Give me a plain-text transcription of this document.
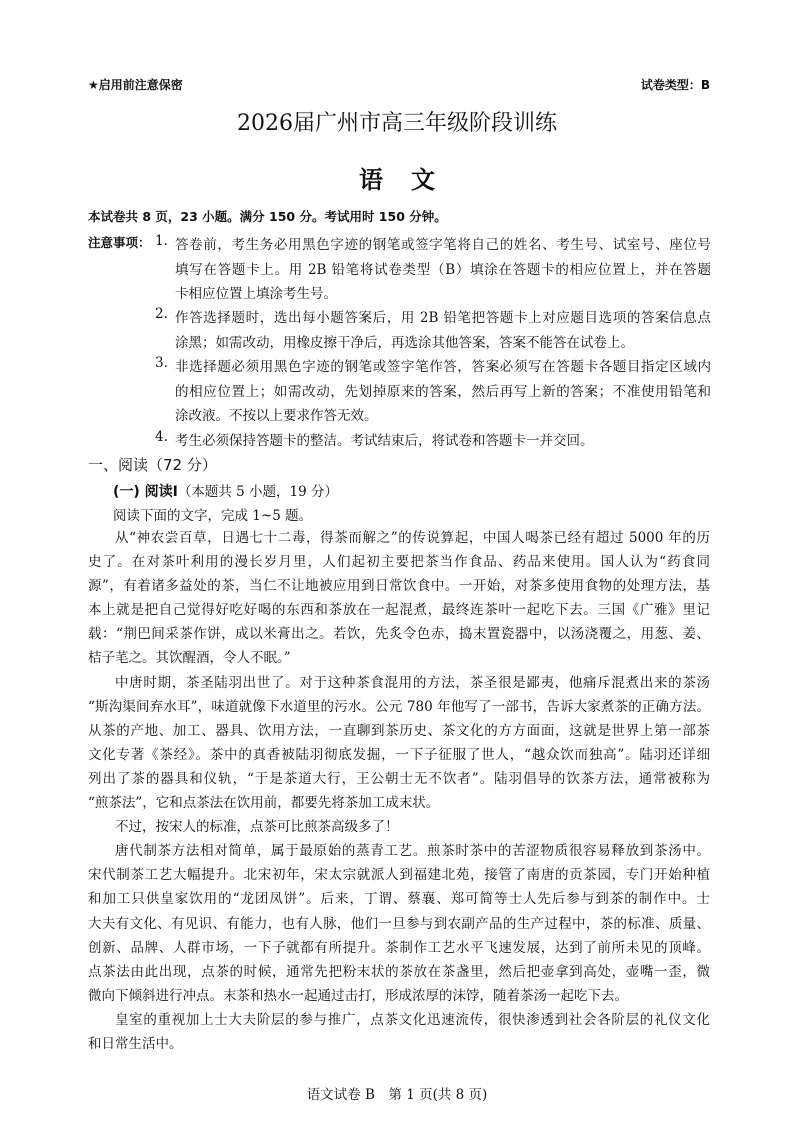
★启用前注意保密	试卷类型：B
2026届广州市高三年级阶段训练
语文
本试卷共 8 页，23 小题。满分 150 分。考试用时 150 分钟。
注意事项： 1. 答卷前，考生务必用黑色字迹的钢笔或签字笔将自己的姓名、考生号、试室号、座位号
填写在答题卡上。用 2B 铅笔将试卷类型（B）填涂在答题卡的相应位置上，并在答题
卡相应位置上填涂考生号。
2. 作答选择题时，选出每小题答案后，用 2B 铅笔把答题卡上对应题目选项的答案信息点
涂黑；如需改动，用橡皮擦干净后，再选涂其他答案，答案不能答在试卷上。
3. 非选择题必须用黑色字迹的钢笔或签字笔作答，答案必须写在答题卡各题目指定区域内
的相应位置上；如需改动，先划掉原来的答案，然后再写上新的答案；不准使用铅笔和
涂改液。不按以上要求作答无效。
4. 考生必须保持答题卡的整洁。考试结束后，将试卷和答题卡一并交回。
一、阅读（72 分）
(一) 阅读Ⅰ（本题共 5 小题，19 分）
阅读下面的文字，完成 1~5 题。
从“神农尝百草，日遇七十二毒，得茶而解之”的传说算起，中国人喝茶已经有超过 5000 年的历
史了。在对茶叶利用的漫长岁月里，人们起初主要把茶当作食品、药品来使用。国人认为“药食同
源”，有着诸多益处的茶，当仁不让地被应用到日常饮食中。一开始，对茶多使用食物的处理方法，基
本上就是把自己觉得好吃好喝的东西和茶放在一起混煮，最终连茶叶一起吃下去。三国《广雅》里记
载：“荆巴间采茶作饼，成以米膏出之。若饮，先炙令色赤，捣末置瓷器中，以汤浇覆之，用葱、姜、
桔子芼之。其饮醒酒，令人不眠。”
中唐时期，茶圣陆羽出世了。对于这种茶食混用的方法，茶圣很是鄙夷，他痛斥混煮出来的茶汤
“斯沟渠间弃水耳”，味道就像下水道里的污水。公元 780 年他写了一部书，告诉大家煮茶的正确方法。
从茶的产地、加工、器具、饮用方法，一直聊到茶历史、茶文化的方方面面，这就是世界上第一部茶
文化专著《茶经》。茶中的真香被陆羽彻底发掘，一下子征服了世人，“越众饮而独高”。陆羽还详细
列出了茶的器具和仪轨，“于是茶道大行，王公朝士无不饮者”。陆羽倡导的饮茶方法，通常被称为
“煎茶法”，它和点茶法在饮用前，都要先将茶加工成末状。
不过，按宋人的标准，点茶可比煎茶高级多了！
唐代制茶方法相对简单，属于最原始的蒸青工艺。煎茶时茶中的苦涩物质很容易释放到茶汤中。
宋代制茶工艺大幅提升。北宋初年，宋太宗就派人到福建北苑，接管了南唐的贡茶园，专门开始种植
和加工只供皇家饮用的“龙团凤饼”。后来，丁谓、蔡襄、郑可简等士人先后参与到茶的制作中。士
大夫有文化、有见识、有能力，也有人脉，他们一旦参与到农副产品的生产过程中，茶的标准、质量、
创新、品牌、人群市场，一下子就都有所提升。茶制作工艺水平飞速发展，达到了前所未见的顶峰。
点茶法由此出现，点茶的时候，通常先把粉末状的茶放在茶盏里，然后把壶拿到高处，壶嘴一歪，微
微向下倾斜进行冲点。末茶和热水一起通过击打，形成浓厚的沫饽，随着茶汤一起吃下去。
皇室的重视加上士大夫阶层的参与推广，点茶文化迅速流传，很快渗透到社会各阶层的礼仪文化
和日常生活中。
语文试卷 B　第 1 页(共 8 页)
